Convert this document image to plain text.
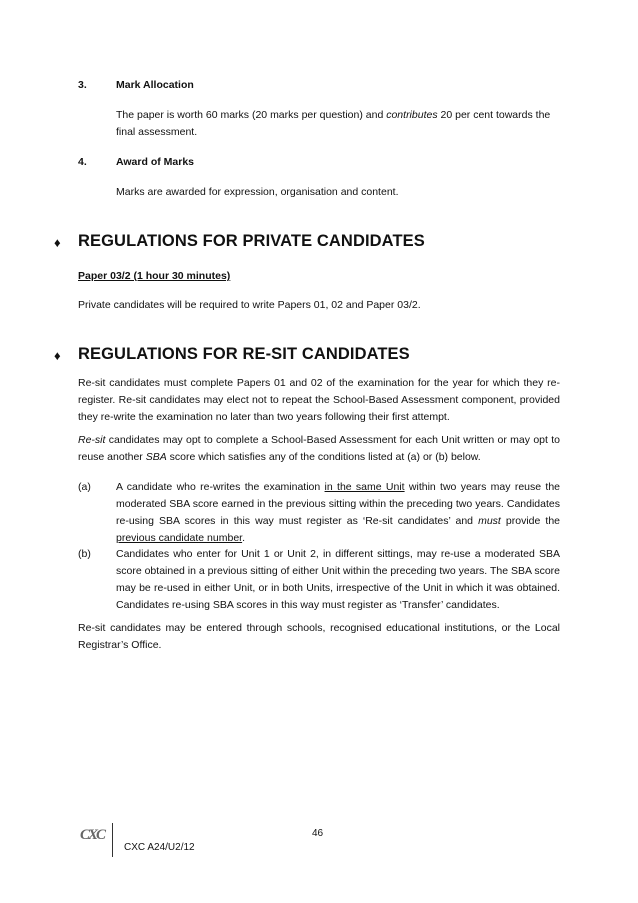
3.	Mark Allocation
The paper is worth 60 marks (20 marks per question) and contributes 20 per cent towards the final assessment.
4.	Award of Marks
Marks are awarded for expression, organisation and content.
♦ REGULATIONS FOR PRIVATE CANDIDATES
Paper 03/2 (1 hour 30 minutes)
Private candidates will be required to write Papers 01, 02 and Paper 03/2.
♦ REGULATIONS FOR RE-SIT CANDIDATES
Re-sit candidates must complete Papers 01 and 02 of the examination for the year for which they re-register. Re-sit candidates may elect not to repeat the School-Based Assessment component, provided they re-write the examination no later than two years following their first attempt.
Re-sit candidates may opt to complete a School-Based Assessment for each Unit written or may opt to reuse another SBA score which satisfies any of the conditions listed at (a) or (b) below.
(a) A candidate who re-writes the examination in the same Unit within two years may reuse the moderated SBA score earned in the previous sitting within the preceding two years. Candidates re-using SBA scores in this way must register as ‘Re-sit candidates’ and must provide the previous candidate number.
(b) Candidates who enter for Unit 1 or Unit 2, in different sittings, may re-use a moderated SBA score obtained in a previous sitting of either Unit within the preceding two years. The SBA score may be re-used in either Unit, or in both Units, irrespective of the Unit in which it was obtained. Candidates re-using SBA scores in this way must register as ‘Transfer’ candidates.
Re-sit candidates may be entered through schools, recognised educational institutions, or the Local Registrar’s Office.
46
CXC
CXC A24/U2/12
